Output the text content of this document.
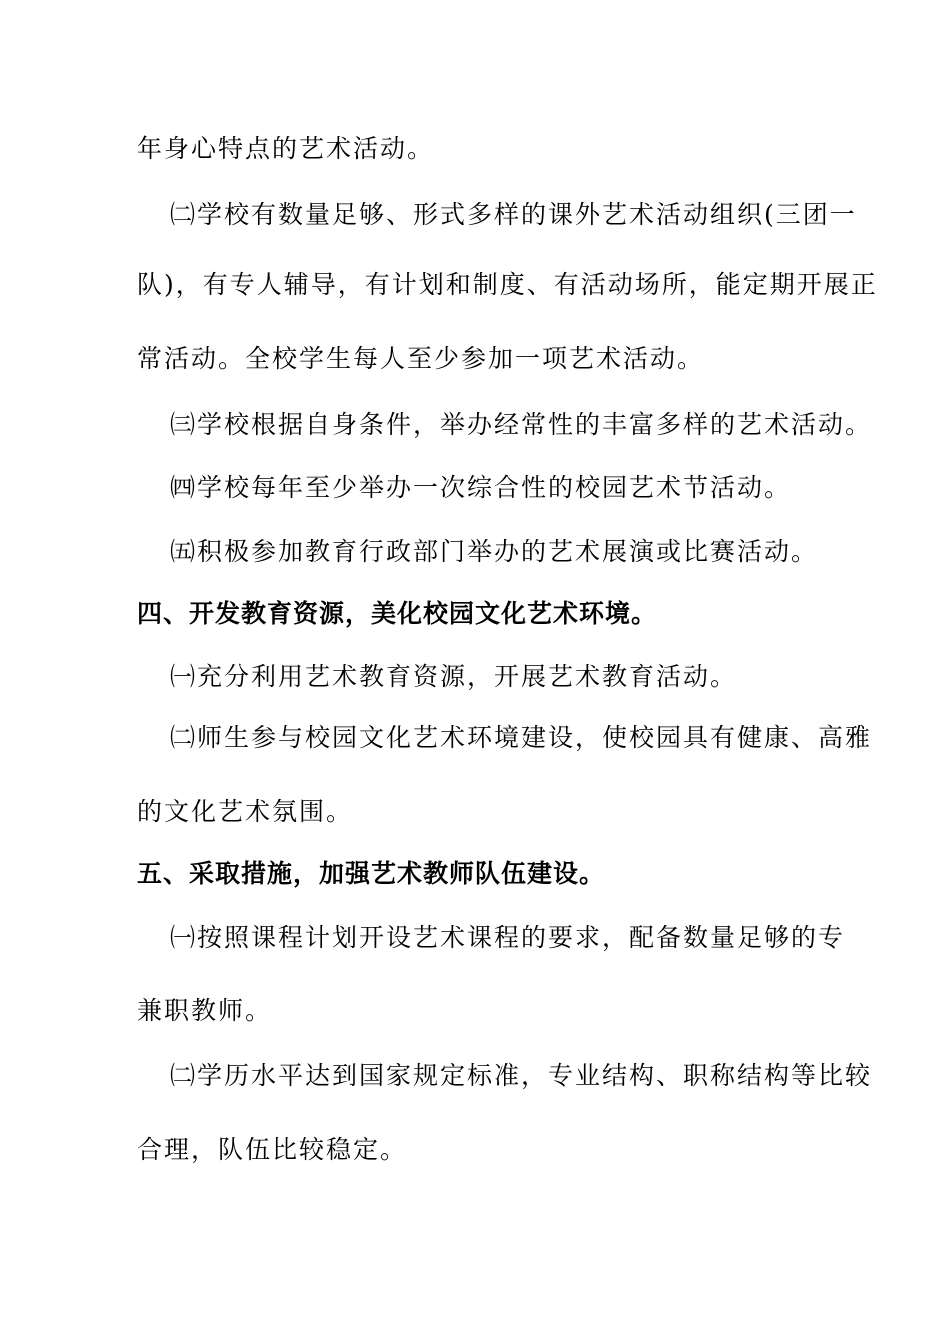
年身心特点的艺术活动。
㈡学校有数量足够、形式多样的课外艺术活动组织(三团一
队)，有专人辅导，有计划和制度、有活动场所，能定期开展正
常活动。全校学生每人至少参加一项艺术活动。
㈢学校根据自身条件，举办经常性的丰富多样的艺术活动。
㈣学校每年至少举办一次综合性的校园艺术节活动。
㈤积极参加教育行政部门举办的艺术展演或比赛活动。
四、开发教育资源，美化校园文化艺术环境。
㈠充分利用艺术教育资源，开展艺术教育活动。
㈡师生参与校园文化艺术环境建设，使校园具有健康、高雅
的文化艺术氛围。
五、采取措施，加强艺术教师队伍建设。
㈠按照课程计划开设艺术课程的要求，配备数量足够的专
兼职教师。
㈡学历水平达到国家规定标准，专业结构、职称结构等比较
合理，队伍比较稳定。
